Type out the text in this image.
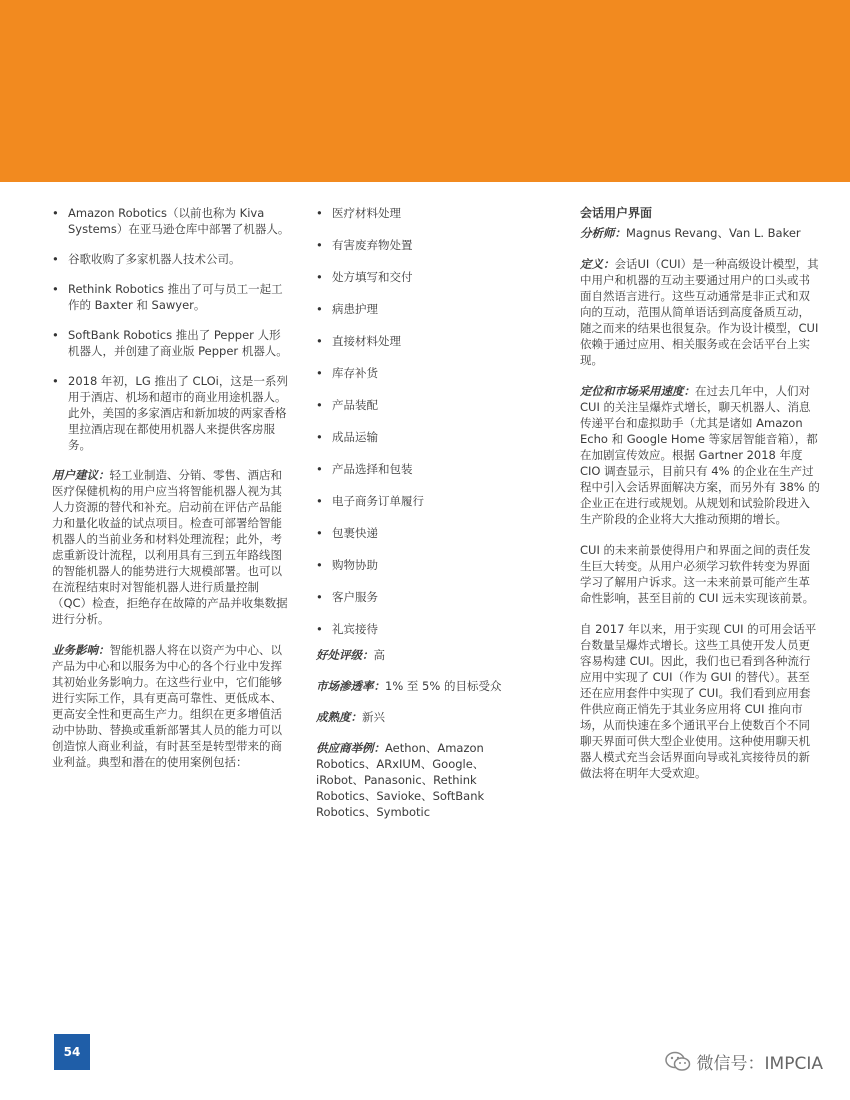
• Amazon Robotics（以前也称为 Kiva Systems）在亚马逊仓库中部署了机器人。
• 谷歌收购了多家机器人技术公司。
• Rethink Robotics 推出了可与员工一起工作的 Baxter 和 Sawyer。
• SoftBank Robotics 推出了 Pepper 人形机器人，并创建了商业版 Pepper 机器人。
• 2018 年初，LG 推出了 CLOi，这是一系列用于酒店、机场和超市的商业用途机器人。此外，美国的多家酒店和新加坡的两家香格里拉酒店现在都使用机器人来提供客房服务。

用户建议：轻工业制造、分销、零售、酒店和医疗保健机构的用户应当将智能机器人视为其人力资源的替代和补充。启动前在评估产品能力和量化收益的试点项目。检查可部署给智能机器人的当前业务和材料处理流程；此外，考虑重新设计流程，以利用具有三到五年路线图的智能机器人的能势进行大规模部署。也可以在流程结束时对智能机器人进行质量控制（QC）检查，拒绝存在故障的产品并收集数据进行分析。

业务影响：智能机器人将在以资产为中心、以产品为中心和以服务为中心的各个行业中发挥其初始业务影响力。在这些行业中，它们能够进行实际工作，具有更高可靠性、更低成本、更高安全性和更高生产力。组织在更多增值活动中协助、替换或重新部署其人员的能力可以创造惊人商业利益，有时甚至是转型带来的商业利益。典型和潜在的使用案例包括：

• 医疗材料处理
• 有害废弃物处置
• 处方填写和交付
• 病患护理
• 直接材料处理
• 库存补货
• 产品装配
• 成品运输
• 产品选择和包装
• 电子商务订单履行
• 包裹快递
• 购物协助
• 客户服务
• 礼宾接待

好处评级：高

市场渗透率：1% 至 5% 的目标受众

成熟度：新兴

供应商举例：Aethon、Amazon Robotics、ARxIUM、Google、iRobot、Panasonic、Rethink Robotics、Savioke、SoftBank Robotics、Symbotic

会话用户界面

分析师：Magnus Revang、Van L. Baker

定义：会话UI（CUI）是一种高级设计模型，其中用户和机器的互动主要通过用户的口头或书面自然语言进行。这些互动通常是非正式和双向的互动，范围从简单语话到高度备质互动，随之而来的结果也很复杂。作为设计模型，CUI 依赖于通过应用、相关服务或在会话平台上实现。

定位和市场采用速度：在过去几年中，人们对 CUI 的关注呈爆炸式增长，聊天机器人、消息传递平台和虚拟助手（尤其是诸如 Amazon Echo 和 Google Home 等家居智能音箱），都在加剧宣传效应。根据 Gartner 2018 年度 CIO 调查显示，目前只有 4% 的企业在生产过程中引入会话界面解决方案，而另外有 38% 的企业正在进行或规划。从规划和试验阶段进入生产阶段的企业将大大推动预期的增长。

CUI 的未来前景使得用户和界面之间的责任发生巨大转变。从用户必须学习软件转变为界面学习了解用户诉求。这一未来前景可能产生革命性影响，甚至目前的 CUI 远未实现该前景。

自 2017 年以来，用于实现 CUI 的可用会话平台数量呈爆炸式增长。这些工具使开发人员更容易构建 CUI。因此，我们也已看到各种流行应用中实现了 CUI（作为 GUI 的替代）。甚至还在应用套件中实现了 CUI。我们看到应用套件供应商正悄先于其业务应用将 CUI 推向市场，从而快速在多个通讯平台上使数百个不同聊天界面可供大型企业使用。这种使用聊天机器人模式充当会话界面向导或礼宾接待员的新做法将在明年大受欢迎。

54
微信号：IMPCIA
